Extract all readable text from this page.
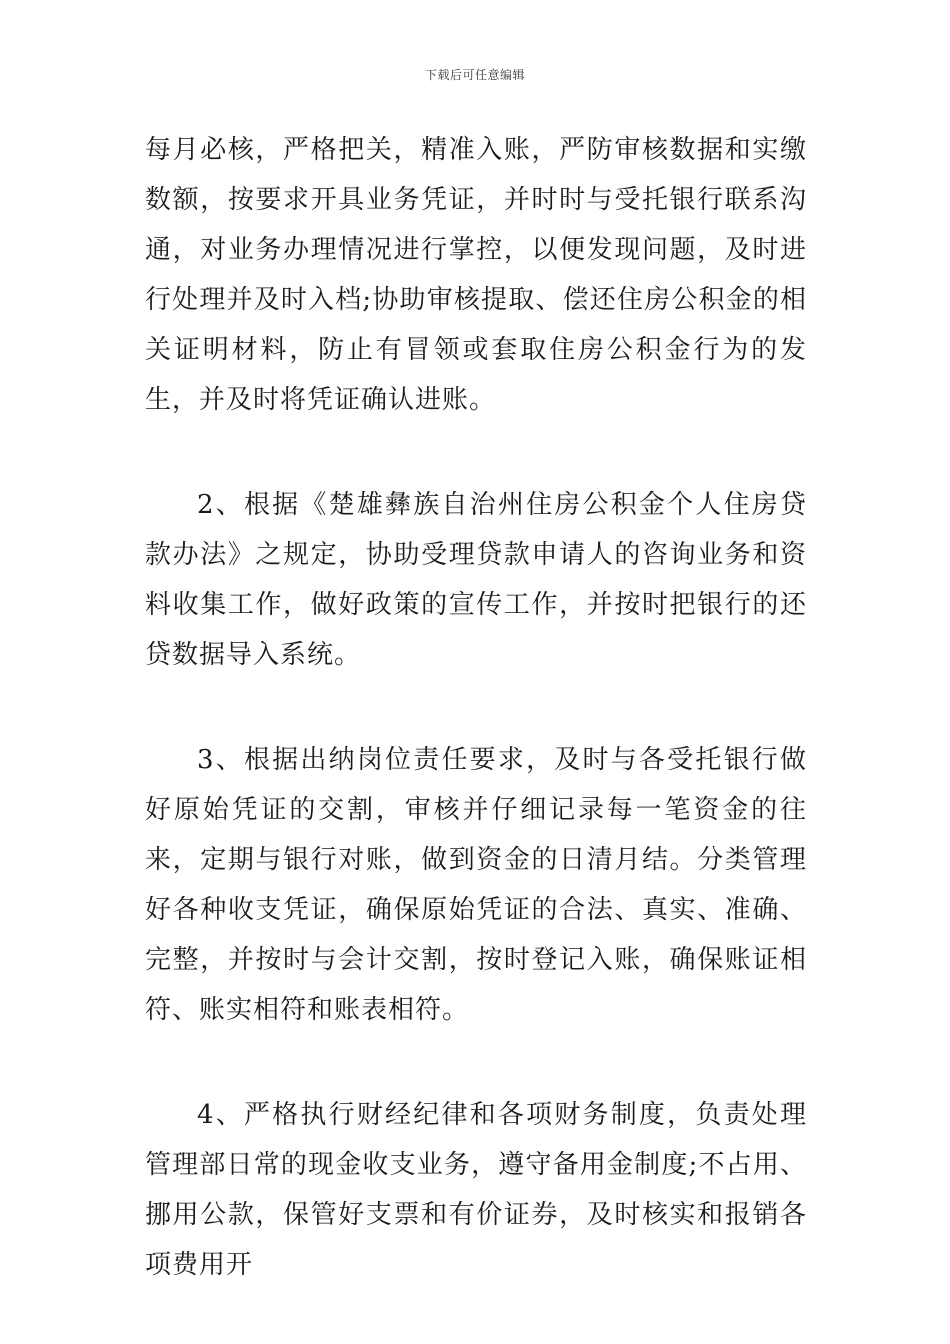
下载后可任意编辑

每月必核，严格把关，精准入账，严防审核数据和实缴数额，按要求开具业务凭证，并时时与受托银行联系沟通，对业务办理情况进行掌控，以便发现问题，及时进行处理并及时入档;协助审核提取、偿还住房公积金的相关证明材料，防止有冒领或套取住房公积金行为的发生，并及时将凭证确认进账。

2、根据《楚雄彝族自治州住房公积金个人住房贷款办法》之规定，协助受理贷款申请人的咨询业务和资料收集工作，做好政策的宣传工作，并按时把银行的还贷数据导入系统。

3、根据出纳岗位责任要求，及时与各受托银行做好原始凭证的交割，审核并仔细记录每一笔资金的往来，定期与银行对账，做到资金的日清月结。分类管理好各种收支凭证，确保原始凭证的合法、真实、准确、完整，并按时与会计交割，按时登记入账，确保账证相符、账实相符和账表相符。

4、严格执行财经纪律和各项财务制度，负责处理管理部日常的现金收支业务，遵守备用金制度;不占用、挪用公款，保管好支票和有价证券，及时核实和报销各项费用开
